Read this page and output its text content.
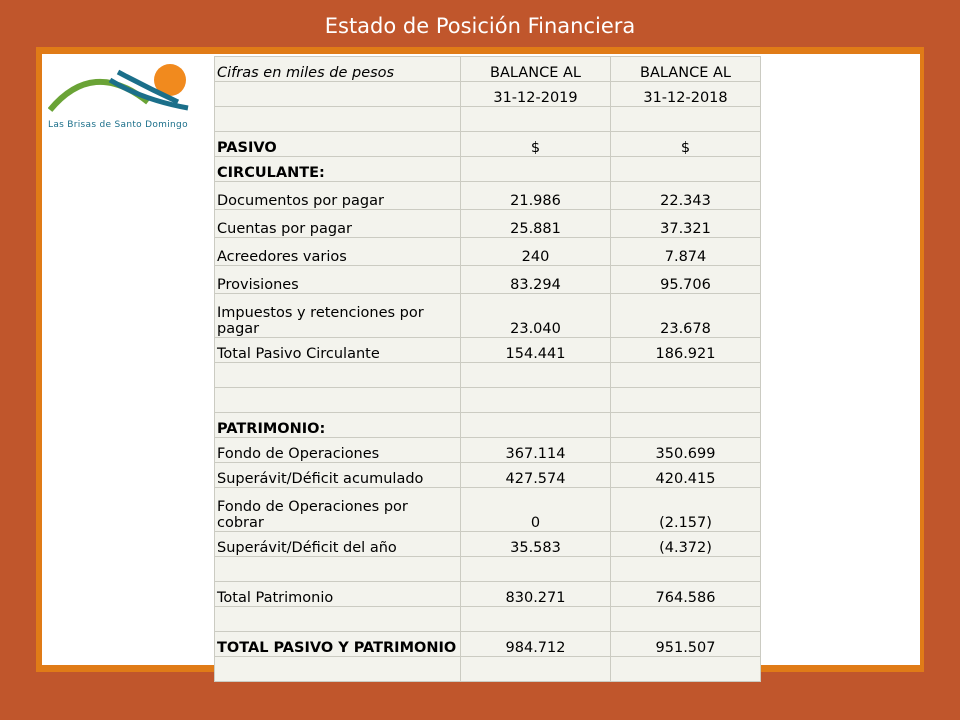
Estado de Posición Financiera
Las Brisas de Santo Domingo
Cifras en miles de pesos	BALANCE AL	BALANCE AL
	31-12-2019	31-12-2018

PASIVO	$	$
CIRCULANTE:		
Documentos por pagar	21.986	22.343
Cuentas por pagar	25.881	37.321
Acreedores varios	240	7.874
Provisiones	83.294	95.706
Impuestos y retenciones por pagar	23.040	23.678
Total Pasivo Circulante	154.441	186.921

PATRIMONIO:		
Fondo de Operaciones	367.114	350.699
Superávit/Déficit acumulado	427.574	420.415
Fondo de Operaciones por cobrar	0	(2.157)
Superávit/Déficit del año	35.583	(4.372)

Total Patrimonio	830.271	764.586

TOTAL PASIVO Y PATRIMONIO	984.712	951.507
